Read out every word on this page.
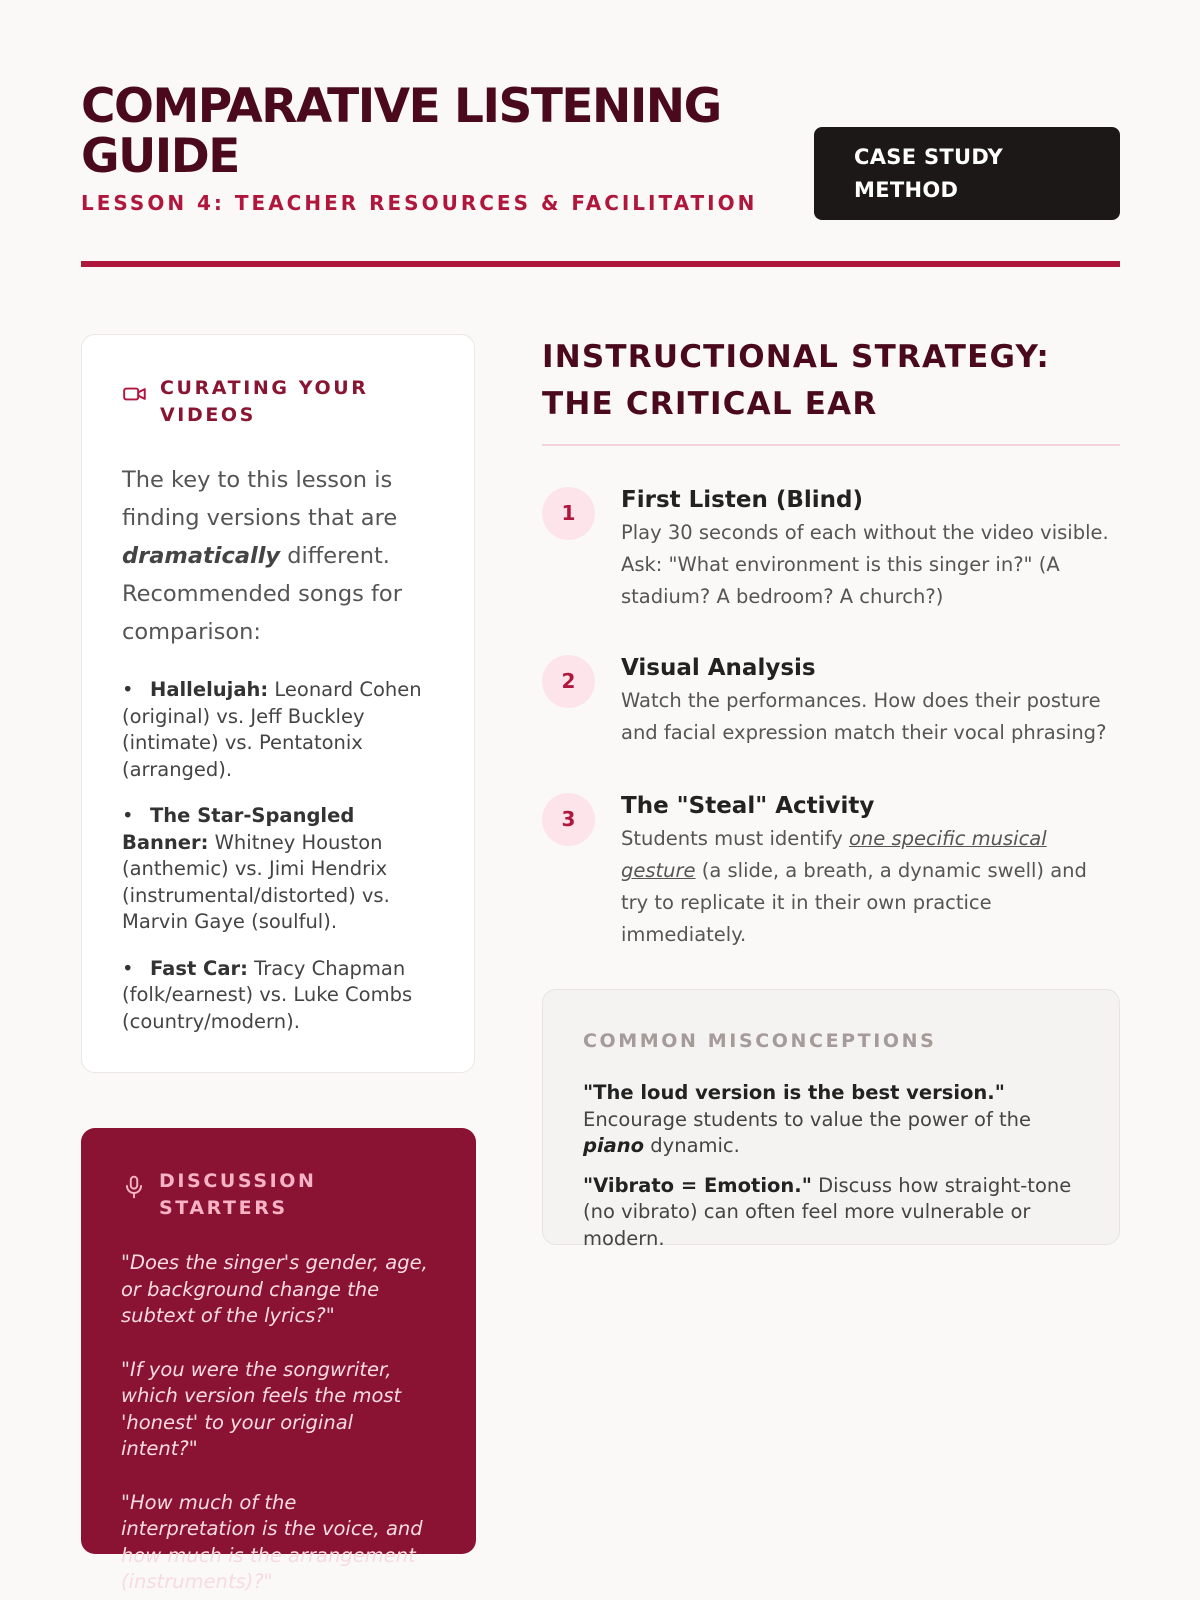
COMPARATIVE LISTENING GUIDE
LESSON 4: TEACHER RESOURCES & FACILITATION
CASE STUDY METHOD
CURATING YOUR VIDEOS

The key to this lesson is finding versions that are dramatically different. Recommended songs for comparison:

• Hallelujah: Leonard Cohen (original) vs. Jeff Buckley (intimate) vs. Pentatonix (arranged).
• The Star-Spangled Banner: Whitney Houston (anthemic) vs. Jimi Hendrix (instrumental/distorted) vs. Marvin Gaye (soulful).
• Fast Car: Tracy Chapman (folk/earnest) vs. Luke Combs (country/modern).
DISCUSSION STARTERS

"Does the singer's gender, age, or background change the subtext of the lyrics?"

"If you were the songwriter, which version feels the most 'honest' to your original intent?"

"How much of the interpretation is the voice, and how much is the arrangement (instruments)?"

INSTRUCTIONAL STRATEGY: THE CRITICAL EAR
1	First Listen (Blind)
Play 30 seconds of each without the video visible. Ask: "What environment is this singer in?" (A stadium? A bedroom? A church?)
2	Visual Analysis
Watch the performances. How does their posture and facial expression match their vocal phrasing?
3	The "Steal" Activity
Students must identify one specific musical gesture (a slide, a breath, a dynamic swell) and try to replicate it in their own practice immediately.
COMMON MISCONCEPTIONS

"The loud version is the best version." Encourage students to value the power of the piano dynamic.

"Vibrato = Emotion." Discuss how straight-tone (no vibrato) can often feel more vulnerable or modern.
